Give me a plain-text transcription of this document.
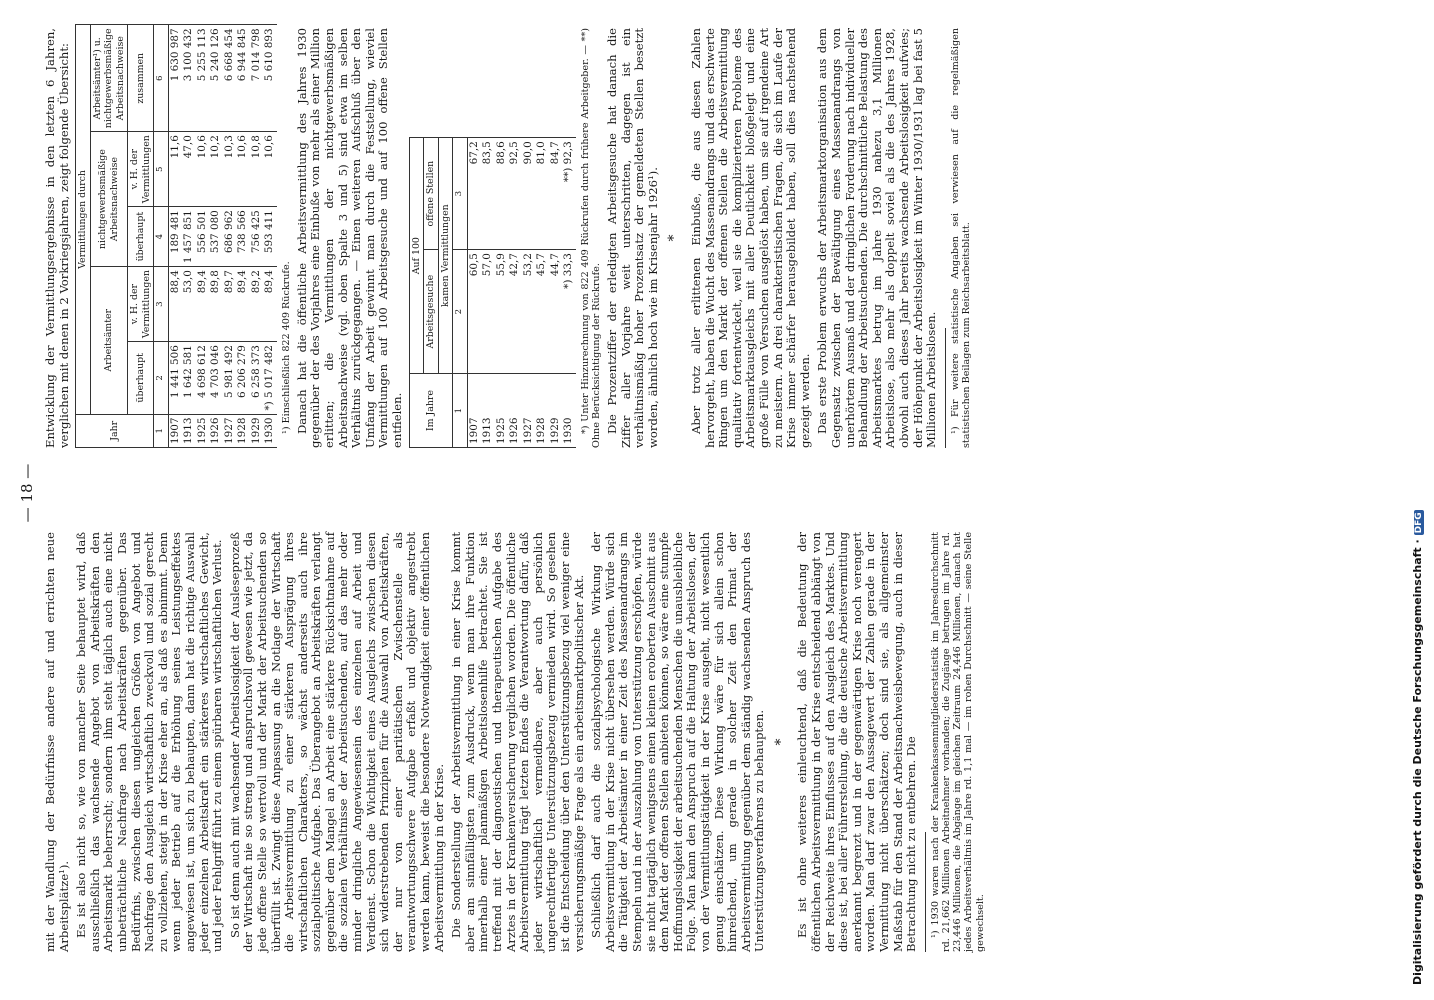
— 18 —

mit der Wandlung der Bedürfnisse andere auf und errichten neue Arbeitsplätze¹). Es ist also nicht so, wie von mancher Seite behauptet wird, daß ausschließlich das wachsende Angebot von Arbeitskräften den Arbeitsmarkt beherrscht; sondern ihm steht täglich auch eine nicht unbeträchtliche Nachfrage nach Arbeitskräften gegenüber. Das Bedürfnis, zwischen diesen ungleichen Größen von Angebot und Nachfrage den Ausgleich wirtschaftlich zweckvoll und sozial gerecht zu vollziehen, steigt in der Krise eher an, als daß es abnimmt. Denn wenn jeder Betrieb auf die Erhöhung seines Leistungseffektes angewiesen ist, um sich zu behaupten, dann hat die richtige Auswahl jeder einzelnen Arbeitskraft ein stärkeres wirtschaftliches Gewicht, und jeder Fehlgriff führt zu einem spürbaren wirtschaftlichen Verlust. So ist denn auch mit wachsender Arbeitslosigkeit der Ausleseprozeß der Wirtschaft nie so streng und anspruchsvoll gewesen wie jetzt, da jede offene Stelle so wertvoll und der Markt der Arbeitsuchenden so überfüllt ist. Zwingt diese Anpassung an die Notlage der Wirtschaft die Arbeitsvermittlung zu einer stärkeren Ausprägung ihres wirtschaftlichen Charakters, so wächst anderseits auch ihre sozialpolitische Aufgabe. Das Überangebot an Arbeitskräften verlangt gegenüber dem Mangel an Arbeit eine stärkere Rücksichtnahme auf die sozialen Verhältnisse der Arbeitsuchenden, auf das mehr oder minder dringliche Angewiesensein des einzelnen auf Arbeit und Verdienst. Schon die Wichtigkeit eines Ausgleichs zwischen diesen sich widerstrebenden Prinzipien für die Auswahl von Arbeitskräften, der nur von einer paritätischen Zwischenstelle als verantwortungsschwere Aufgabe erfaßt und objektiv angestrebt werden kann, beweist die besondere Notwendigkeit einer öffentlichen Arbeitsvermittlung in der Krise. Die Sonderstellung der Arbeitsvermittlung in einer Krise kommt aber am sinnfälligsten zum Ausdruck, wenn man ihre Funktion innerhalb einer planmäßigen Arbeitslosenhilfe betrachtet. Sie ist treffend mit der diagnostischen und therapeutischen Aufgabe des Arztes in der Krankenversicherung verglichen worden. Die öffentliche Arbeitsvermittlung trägt letzten Endes die Verantwortung dafür, daß jeder wirtschaftlich vermeidbare, aber auch persönlich ungerechtfertigte Unterstützungsbezug vermieden wird. So gesehen ist die Entscheidung über den Unterstützungsbezug viel weniger eine versicherungsmäßige Frage als ein arbeitsmarktpolitischer Akt. Schließlich darf auch die sozialpsychologische Wirkung der Arbeitsvermittlung in der Krise nicht übersehen werden. Würde sich die Tätigkeit der Arbeitsämter in einer Zeit des Massenandrangs im Stempeln und in der Auszahlung von Unterstützung erschöpfen, würde sie nicht tagtäglich wenigstens einen kleinen eroberten Ausschnitt aus dem Markt der offenen Stellen anbieten können, so wäre eine stumpfe Hoffnungslosigkeit der arbeitsuchenden Menschen die unausbleibliche Folge. Man kann den Anspruch auf die Haltung der Arbeitslosen, der von der Vermittlungstätigkeit in der Krise ausgeht, nicht wesentlich genug einschätzen. Diese Wirkung wäre für sich allein schon hinreichend, um gerade in solcher Zeit den Primat der Arbeitsvermittlung gegenüber dem ständig wachsenden Anspruch des Unterstützungsverfahrens zu behaupten. * Es ist ohne weiteres einleuchtend, daß die Bedeutung der öffentlichen Arbeitsvermittlung in der Krise entscheidend abhängt von der Reichweite ihres Einflusses auf den Ausgleich des Marktes. Und diese ist, bei aller Führerstellung, die die deutsche Arbeitsvermittlung anerkannt begrenzt und in der gegenwärtigen Krise noch verengert worden. Man darf zwar den Aussagewert der Zahlen gerade in der Vermittlung nicht überschätzen; doch sind sie, als allgemeinster Maßstab für den Stand der Arbeitsnachweisbewegung, auch in dieser Betrachtung nicht zu entbehren. Die ¹) 1930 waren nach der Krankenkassenmitgliederstatistik im Jahresdurchschnitt rd. 21,662 Millionen Arbeitnehmer vorhanden; die Zugänge betrugen im Jahre rd. 23,446 Millionen, die Abgänge im gleichen Zeitraum 24,446 Millionen, danach hat jedes Arbeitsverhältnis im Jahre rd. 1,1 mal — im rohen Durchschnitt — seine Stelle gewechselt.

Entwicklung der Vermittlungsergebnisse in den letzten 6 Jahren, verglichen mit denen in 2 Vorkriegsjahren, zeigt folgende Übersicht:	Jahr	Vermittlungen durch				
	Arbeitsämter		nichtgewerbsmäßige Arbeitsnachweise		Arbeitsämter¹) u. nichtgewerbsmäßige Arbeitsnachweise
	überhaupt	v. H. der Vermittlungen	überhaupt	v. H. der Vermittlungen	zusammen
1	2	3	4	5	6
1907	1 441 506	88,4	189 481	11,6	1 630 987
1913	1 642 581	53,0	1 457 851	47,0	3 100 432
1925	4 698 612	89,4	556 501	10,6	5 255 113
1926	4 703 046	89,8	537 080	10,2	5 240 126
1927	5 981 492	89,7	686 962	10,3	6 668 454
1928	6 206 279	89,4	738 566	10,6	6 944 845
1929	6 258 373	89,2	756 425	10,8	7 014 798
1930	*) 5 017 482	89,4	593 411	10,6	5 610 893

¹) Einschließlich 822 409 Rückrufe. Danach hat die öffentliche Arbeitsvermittlung des Jahres 1930 gegenüber der des Vorjahres eine Einbuße von mehr als einer Million erlitten; die Vermittlungen der nichtgewerbsmäßigen Arbeitsnachweise (vgl. oben Spalte 3 und 5) sind etwa im selben Verhältnis zurückgegangen. — Einen weiteren Aufschluß über den Umfang der Arbeit gewinnt man durch die Feststellung, wieviel Vermittlungen auf 100 Arbeitsgesuche und auf 100 offene Stellen entfielen. Im Jahre	Auf 100	
	Arbeitsgesuche	offene Stellen
	kamen Vermittlungen	
1	2	3
1907	60,5	67,2
1913	57,0	83,5
1925	55,9	88,6
1926	42,7	92,5
1927	53,2	90,0
1928	45,7	81,0
1929	44,7	84,7
1930	*) 33,3	**) 92,3 *) Unter Hinzurechnung von 822 409 Rückrufen durch frühere Arbeitgeber. — **) Ohne Berücksichtigung der Rückrufe. Die Prozentziffer der erledigten Arbeitsgesuche hat danach die Ziffer aller Vorjahre weit unterschritten, dagegen ist ein verhältnismäßig hoher Prozentsatz der gemeldeten Stellen besetzt worden, ähnlich hoch wie im Krisenjahr 1926¹). * Aber trotz aller erlittenen Einbuße, die aus diesen Zahlen hervorgeht, haben die Wucht des Massenandrangs und das erschwerte Ringen um den Markt der offenen Stellen die Arbeitsvermittlung qualitativ fortentwickelt, weil sie die komplizierteren Probleme des Arbeitsmarktausgleichs mit aller Deutlichkeit bloßgelegt und eine große Fülle von Versuchen ausgelöst haben, um sie auf irgendeine Art zu meistern. An drei charakteristischen Fragen, die sich im Laufe der Krise immer schärfer herausgebildet haben, soll dies nachstehend gezeigt werden. Das erste Problem erwuchs der Arbeitsmarktorganisation aus dem Gegensatz zwischen der Bewältigung eines Massenandrangs von unerhörtem Ausmaß und der dringlichen Forderung nach individueller Behandlung der Arbeitsuchenden. Die durchschnittliche Belastung des Arbeitsmarktes betrug im Jahre 1930 nahezu 3,1 Millionen Arbeitslose, also mehr als doppelt soviel als die des Jahres 1928, obwohl auch dieses Jahr bereits wachsende Arbeitslosigkeit aufwies; der Höhepunkt der Arbeitslosigkeit im Winter 1930/1931 lag bei fast 5 Millionen Arbeitslosen. ¹) Für weitere statistische Angaben sei verwiesen auf die regelmäßigen statistischen Beilagen zum Reichsarbeitsblatt.

Digitalisierung gefördert durch die Deutsche Forschungsgemeinschaft ·DFG
